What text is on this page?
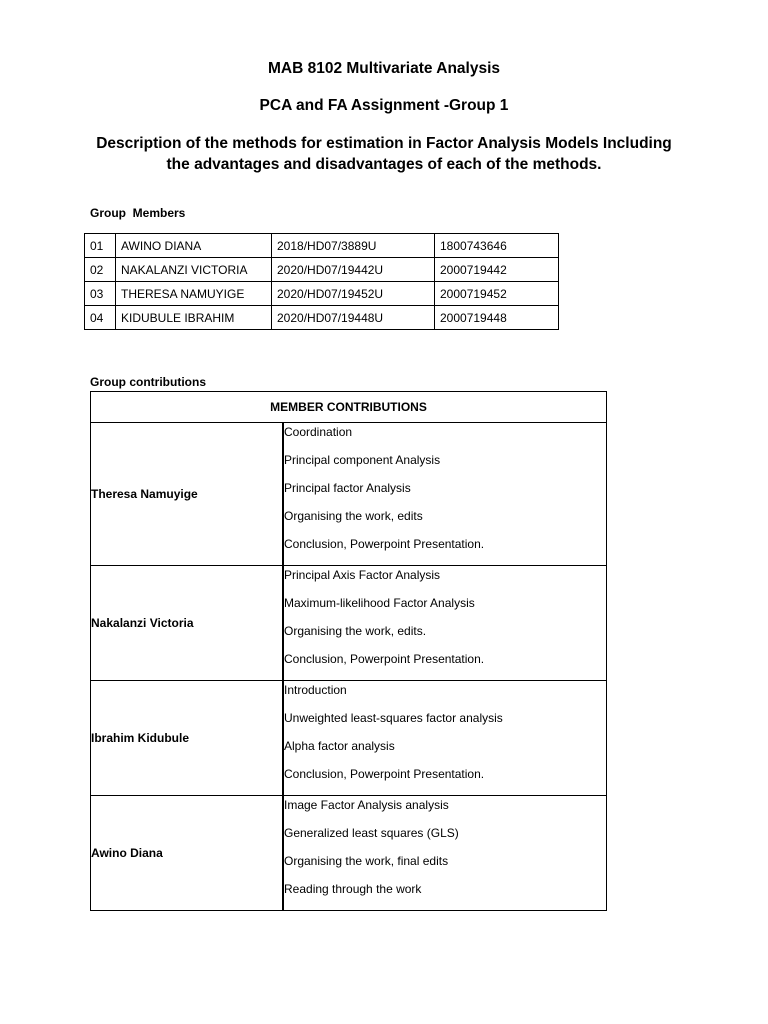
MAB 8102 Multivariate Analysis
PCA and FA Assignment -Group 1
Description of the methods for estimation in Factor Analysis Models Including
the advantages and disadvantages of each of the methods.
Group Members
01	AWINO DIANA	2018/HD07/3889U	1800743646
02	NAKALANZI VICTORIA	2020/HD07/19442U	2000719442
03	THERESA NAMUYIGE	2020/HD07/19452U	2000719452
04	KIDUBULE IBRAHIM	2020/HD07/19448U	2000719448
Group contributions
MEMBER CONTRIBUTIONS	
Theresa Namuyige	Coordination
Principal component Analysis
Principal factor Analysis
Organising the work, edits
Conclusion, Powerpoint Presentation.

Nakalanzi Victoria	Principal Axis Factor Analysis
Maximum-likelihood Factor Analysis
Organising the work, edits.
Conclusion, Powerpoint Presentation.

Ibrahim Kidubule	Introduction
Unweighted least-squares factor analysis
Alpha factor analysis
Conclusion, Powerpoint Presentation.

Awino Diana	Image Factor Analysis analysis
Generalized least squares (GLS)
Organising the work, final edits
Reading through the work
